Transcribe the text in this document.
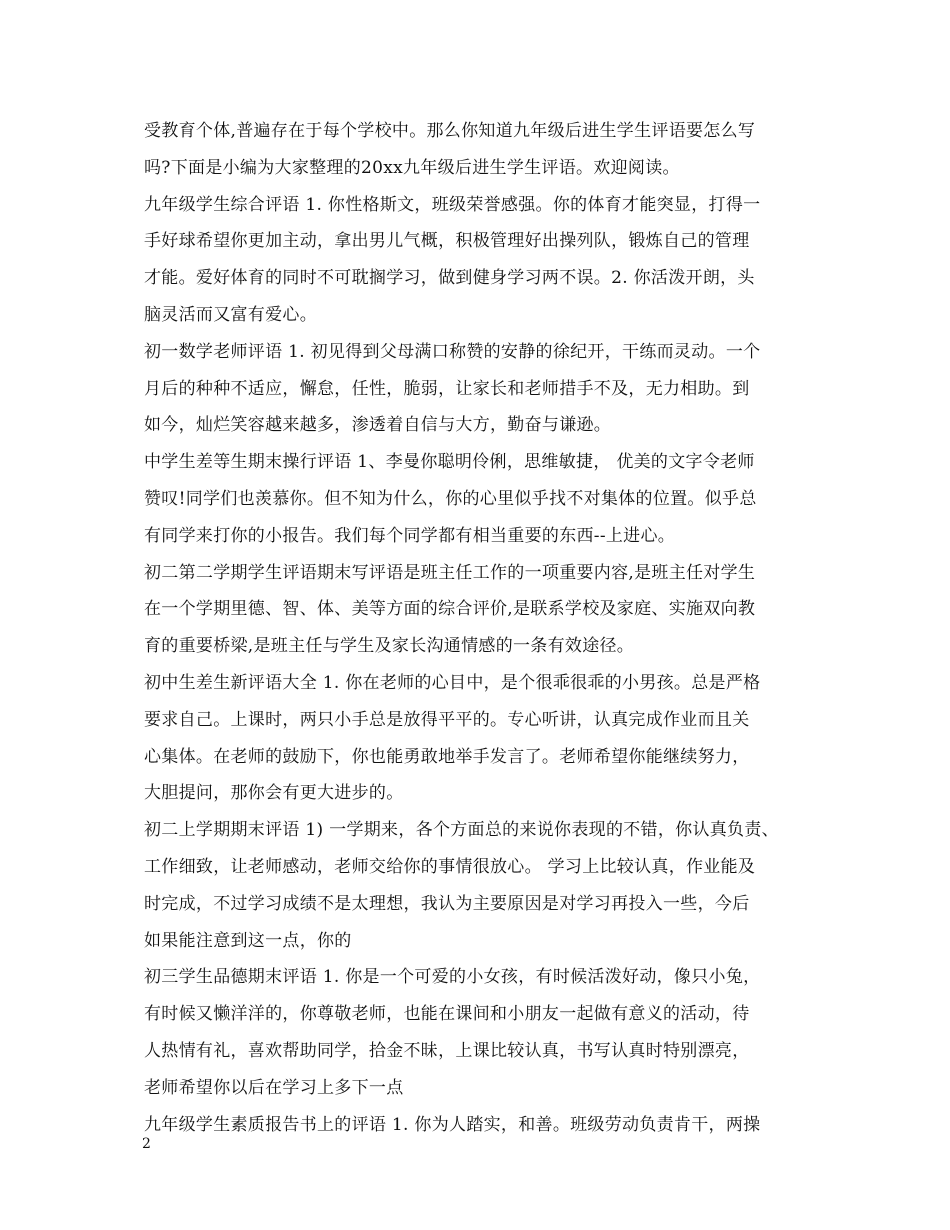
受教育个体,普遍存在于每个学校中。那么你知道九年级后进生学生评语要怎么写
吗?下面是小编为大家整理的20xx九年级后进生学生评语。欢迎阅读。
九年级学生综合评语 1. 你性格斯文，班级荣誉感强。你的体育才能突显，打得一
手好球希望你更加主动，拿出男儿气概，积极管理好出操列队，锻炼自己的管理
才能。爱好体育的同时不可耽搁学习，做到健身学习两不误。2. 你活泼开朗，头
脑灵活而又富有爱心。
初一数学老师评语 1. 初见得到父母满口称赞的安静的徐纪开，干练而灵动。一个
月后的种种不适应，懈怠，任性，脆弱，让家长和老师措手不及，无力相助。到
如今，灿烂笑容越来越多，渗透着自信与大方，勤奋与谦逊。
中学生差等生期末操行评语 1、李曼你聪明伶俐，思维敏捷， 优美的文字令老师
赞叹!同学们也羡慕你。但不知为什么，你的心里似乎找不对集体的位置。似乎总
有同学来打你的小报告。我们每个同学都有相当重要的东西--上进心。
初二第二学期学生评语期末写评语是班主任工作的一项重要内容,是班主任对学生
在一个学期里德、智、体、美等方面的综合评价,是联系学校及家庭、实施双向教
育的重要桥梁,是班主任与学生及家长沟通情感的一条有效途径。
初中生差生新评语大全 1. 你在老师的心目中，是个很乖很乖的小男孩。总是严格
要求自己。上课时，两只小手总是放得平平的。专心听讲，认真完成作业而且关
心集体。在老师的鼓励下，你也能勇敢地举手发言了。老师希望你能继续努力，
大胆提问，那你会有更大进步的。
初二上学期期末评语 1) 一学期来，各个方面总的来说你表现的不错，你认真负责、
工作细致，让老师感动，老师交给你的事情很放心。 学习上比较认真，作业能及
时完成，不过学习成绩不是太理想，我认为主要原因是对学习再投入一些，今后
如果能注意到这一点，你的
初三学生品德期末评语 1. 你是一个可爱的小女孩，有时候活泼好动，像只小兔，
有时候又懒洋洋的，你尊敬老师，也能在课间和小朋友一起做有意义的活动，待
人热情有礼，喜欢帮助同学，拾金不昧，上课比较认真，书写认真时特别漂亮，
老师希望你以后在学习上多下一点
九年级学生素质报告书上的评语 1. 你为人踏实，和善。班级劳动负责肯干，两操
2
